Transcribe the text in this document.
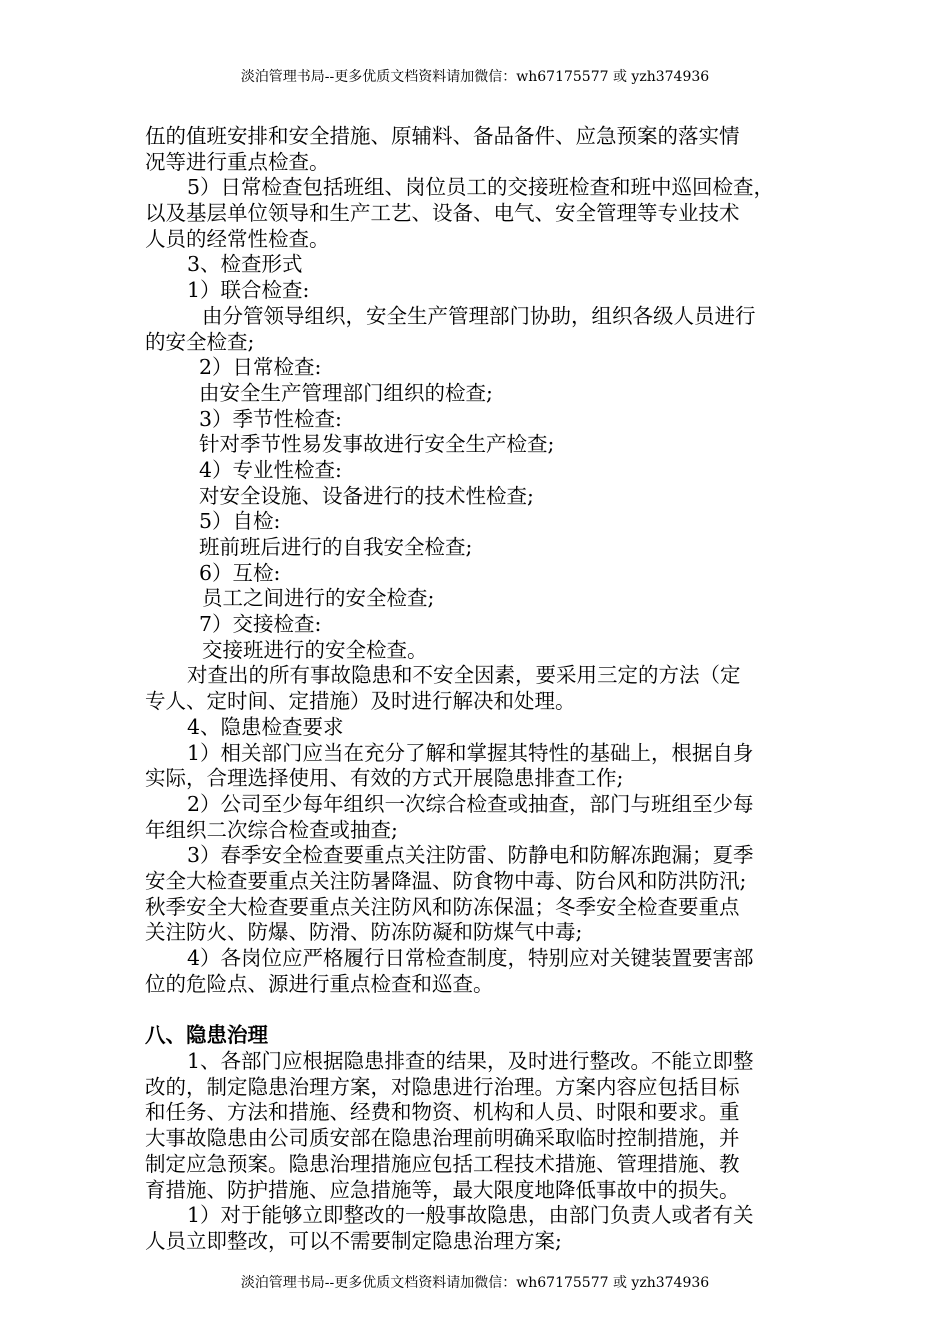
淡泊管理书局--更多优质文档资料请加微信：wh67175577 或 yzh374936
伍的值班安排和安全措施、原辅料、备品备件、应急预案的落实情
况等进行重点检查。
5）日常检查包括班组、岗位员工的交接班检查和班中巡回检查，
以及基层单位领导和生产工艺、设备、电气、安全管理等专业技术
人员的经常性检查。
3、检查形式
1）联合检查:
由分管领导组织，安全生产管理部门协助，组织各级人员进行
的安全检查;
2）日常检查:
由安全生产管理部门组织的检查;
3）季节性检查:
针对季节性易发事故进行安全生产检查;
4）专业性检查:
对安全设施、设备进行的技术性检查;
5）自检:
班前班后进行的自我安全检查;
6）互检:
员工之间进行的安全检查;
7）交接检查:
交接班进行的安全检查。
对查出的所有事故隐患和不安全因素，要采用三定的方法（定
专人、定时间、定措施）及时进行解决和处理。
4、隐患检查要求
1）相关部门应当在充分了解和掌握其特性的基础上，根据自身
实际，合理选择使用、有效的方式开展隐患排查工作;
2）公司至少每年组织一次综合检查或抽查，部门与班组至少每
年组织二次综合检查或抽查;
3）春季安全检查要重点关注防雷、防静电和防解冻跑漏；夏季
安全大检查要重点关注防暑降温、防食物中毒、防台风和防洪防汛;
秋季安全大检查要重点关注防风和防冻保温；冬季安全检查要重点
关注防火、防爆、防滑、防冻防凝和防煤气中毒;
4）各岗位应严格履行日常检查制度，特别应对关键装置要害部
位的危险点、源进行重点检查和巡查。
八、隐患治理
1、各部门应根据隐患排查的结果，及时进行整改。不能立即整
改的，制定隐患治理方案，对隐患进行治理。方案内容应包括目标
和任务、方法和措施、经费和物资、机构和人员、时限和要求。重
大事故隐患由公司质安部在隐患治理前明确采取临时控制措施，并
制定应急预案。隐患治理措施应包括工程技术措施、管理措施、教
育措施、防护措施、应急措施等，最大限度地降低事故中的损失。
1）对于能够立即整改的一般事故隐患，由部门负责人或者有关
人员立即整改，可以不需要制定隐患治理方案;
淡泊管理书局--更多优质文档资料请加微信：wh67175577 或 yzh374936
